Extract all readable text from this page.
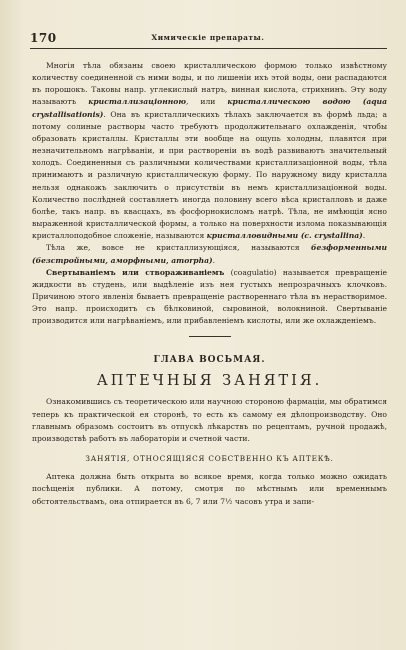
170	Химическіе препараты.

Многія тѣла обязаны своею кристаллическою формою только извѣстному количеству соединенной съ ними воды, и по лишеніи ихъ этой воды, они распадаются въ порошокъ. Таковы напр. углекислый натръ, винная кислота, стрихнинъ. Эту воду называютъ кристаллизаціонною, или кристаллическою водою (aqua crystallisationis). Она въ кристаллическихъ тѣлахъ заключается въ формѣ льда; а потому солиные растворы часто требуютъ продолжительнаго охлажденія, чтобы образовать кристаллы. Кристаллы эти вообще на ощупь холодны, плавятся при незначительномъ нагрѣваніи, и при растворенiи въ водѣ развиваютъ значительный холодъ. Соединенныя съ различными количествами кристаллизаціонной воды, тѣла принимаютъ и различную кристаллическую форму. По наружному виду кристалла нельзя однакожъ заключить о присутствіи въ немъ кристаллизаціонной воды. Количество послѣдней составляетъ иногда половину всего вѣса кристалловъ и даже болѣе, такъ напр. въ квасцахъ, въ фосфорнокисломъ натрѣ. Тѣла, не имѣющія ясно выраженной кристаллической формы, а только на поверхности излома показывающія кристаллоподобное сложеніе, называются кристалловидными (c. crystallina).

Тѣла же, вовсе не кристаллизующіяся, называются безформенными (безстройными, аморфными, amorpha).

Свертываніемъ или створаживаніемъ (coagulatio) называется превращеніе жидкости въ студень, или выдѣленіе изъ нея густыхъ непрозрачныхъ клочковъ. Причиною этого явленія бываетъ превращеніе растворeннаго тѣла въ нерастворимое. Это напр. происходитъ съ бѣлковиной, сыровиной, волокниной. Свертываніе производится или нагрѣваніемъ, или прибавленіемъ кислоты, или же охлажденіемъ.

ГЛАВА ВОСЬМАЯ.
АПТЕЧНЫЯ ЗАНЯТІЯ.

Ознакомившись съ теоретическою или научною стороною фармаціи, мы обратимся теперь къ практической ея сторонѣ, то есть къ самому ея дѣлопроизводству. Оно главнымъ образомъ состоитъ въ отпускѣ лѣкарствъ по рецептамъ, ручной продажѣ, производствѣ работъ въ лабораторіи и счетной части.

ЗАНЯТІЯ, ОТНОСЯЩІЯСЯ СОБСТВЕННО КЪ АПТЕКѢ.

Аптека должна быть открыта во всякое время, когда только можно ожидать посѣщенія публики. А потому, смотря по мѣстнымъ или временнымъ обстоятельствамъ, она отпирается въ 6, 7 или 7½ часовъ утра и запи-
